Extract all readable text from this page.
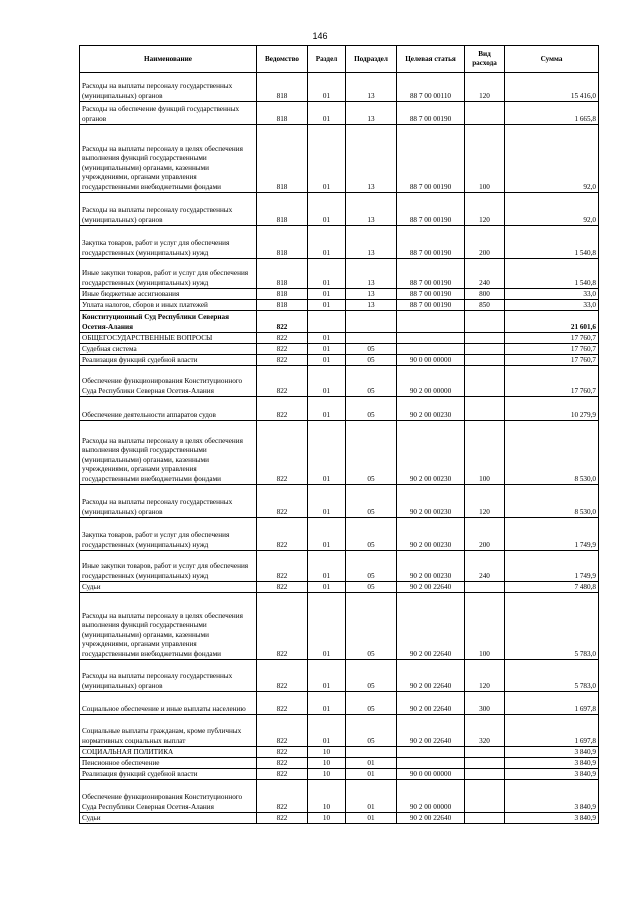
146
Наименование	Ведомство	Раздел	Подраздел	Целевая статья	Вид расхода	Сумма
Расходы на выплаты персоналу государственных (муниципальных) органов	818	01	13	88 7 00 00110	120	15 416,0
Расходы на обеспечение функций государственных органов	818	01	13	88 7 00 00190		1 665,8
Расходы на выплаты персоналу в целях обеспечения выполнения функций государственными (муниципальными) органами, казенными учреждениями, органами управления государственными внебюджетными фондами	818	01	13	88 7 00 00190	100	92,0
Расходы на выплаты персоналу государственных (муниципальных) органов	818	01	13	88 7 00 00190	120	92,0
Закупка товаров, работ и услуг для обеспечения государственных (муниципальных) нужд	818	01	13	88 7 00 00190	200	1 540,8
Иные закупки товаров, работ и услуг для обеспечения государственных (муниципальных) нужд	818	01	13	88 7 00 00190	240	1 540,8
Иные бюджетные ассигнования	818	01	13	88 7 00 00190	800	33,0
Уплата налогов, сборов и иных платежей	818	01	13	88 7 00 00190	850	33,0
Конституционный Суд Республики Северная Осетия-Алания	822					21 601,6
ОБЩЕГОСУДАРСТВЕННЫЕ ВОПРОСЫ	822	01				17 760,7
Судебная система	822	01	05			17 760,7
Реализация функций судебной власти	822	01	05	90 0 00 00000		17 760,7
Обеспечение функционирования Конституционного Суда Республики Северная Осетия-Алания	822	01	05	90 2 00 00000		17 760,7
Обеспечение деятельности аппаратов судов	822	01	05	90 2 00 00230		10 279,9
Расходы на выплаты персоналу в целях обеспечения выполнения функций государственными (муниципальными) органами, казенными учреждениями, органами управления государственными внебюджетными фондами	822	01	05	90 2 00 00230	100	8 530,0
Расходы на выплаты персоналу государственных (муниципальных) органов	822	01	05	90 2 00 00230	120	8 530,0
Закупка товаров, работ и услуг для обеспечения государственных (муниципальных) нужд	822	01	05	90 2 00 00230	200	1 749,9
Иные закупки товаров, работ и услуг для обеспечения государственных (муниципальных) нужд	822	01	05	90 2 00 00230	240	1 749,9
Судьи	822	01	05	90 2 00 22640		7 480,8
Расходы на выплаты персоналу в целях обеспечения выполнения функций государственными (муниципальными) органами, казенными учреждениями, органами управления государственными внебюджетными фондами	822	01	05	90 2 00 22640	100	5 783,0
Расходы на выплаты персоналу государственных (муниципальных) органов	822	01	05	90 2 00 22640	120	5 783,0
Социальное обеспечение и иные выплаты населению	822	01	05	90 2 00 22640	300	1 697,8
Социальные выплаты гражданам, кроме публичных нормативных социальных выплат	822	01	05	90 2 00 22640	320	1 697,8
СОЦИАЛЬНАЯ ПОЛИТИКА	822	10				3 840,9
Пенсионное обеспечение	822	10	01			3 840,9
Реализация функций судебной власти	822	10	01	90 0 00 00000		3 840,9
Обеспечение функционирования Конституционного Суда Республики Северная Осетия-Алания	822	10	01	90 2 00 00000		3 840,9
Судьи	822	10	01	90 2 00 22640		3 840,9
